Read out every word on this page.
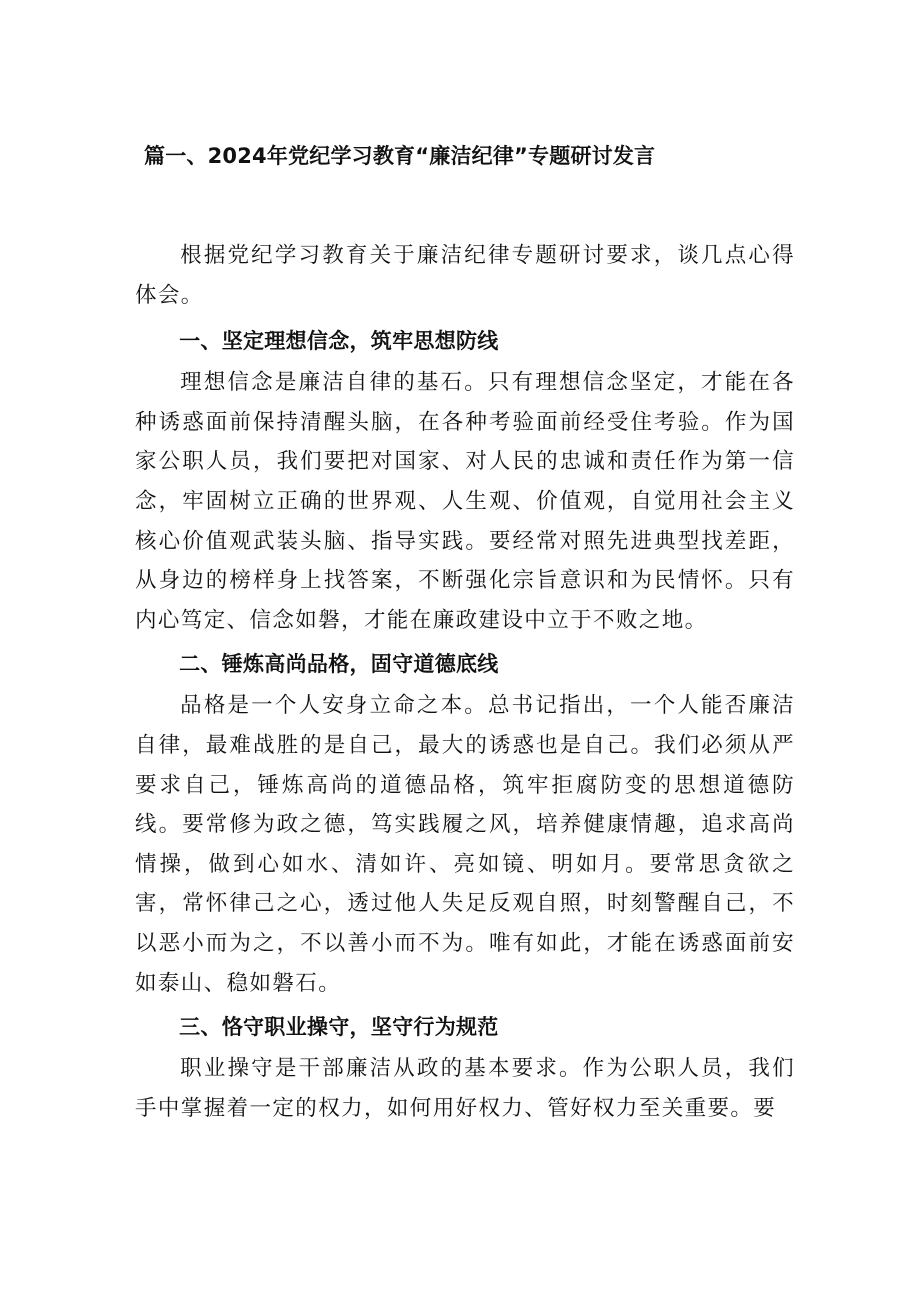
篇一、2024年党纪学习教育“廉洁纪律”专题研讨发言

根据党纪学习教育关于廉洁纪律专题研讨要求，谈几点心得体会。

一、坚定理想信念，筑牢思想防线

理想信念是廉洁自律的基石。只有理想信念坚定，才能在各种诱惑面前保持清醒头脑，在各种考验面前经受住考验。作为国家公职人员，我们要把对国家、对人民的忠诚和责任作为第一信念，牢固树立正确的世界观、人生观、价值观，自觉用社会主义核心价值观武装头脑、指导实践。要经常对照先进典型找差距，从身边的榜样身上找答案，不断强化宗旨意识和为民情怀。只有内心笃定、信念如磐，才能在廉政建设中立于不败之地。

二、锤炼高尚品格，固守道德底线

品格是一个人安身立命之本。总书记指出，一个人能否廉洁自律，最难战胜的是自己，最大的诱惑也是自己。我们必须从严要求自己，锤炼高尚的道德品格，筑牢拒腐防变的思想道德防线。要常修为政之德，笃实践履之风，培养健康情趣，追求高尚情操，做到心如水、清如许、亮如镜、明如月。要常思贪欲之害，常怀律己之心，透过他人失足反观自照，时刻警醒自己，不以恶小而为之，不以善小而不为。唯有如此，才能在诱惑面前安如泰山、稳如磐石。

三、恪守职业操守，坚守行为规范

职业操守是干部廉洁从政的基本要求。作为公职人员，我们手中掌握着一定的权力，如何用好权力、管好权力至关重要。要
